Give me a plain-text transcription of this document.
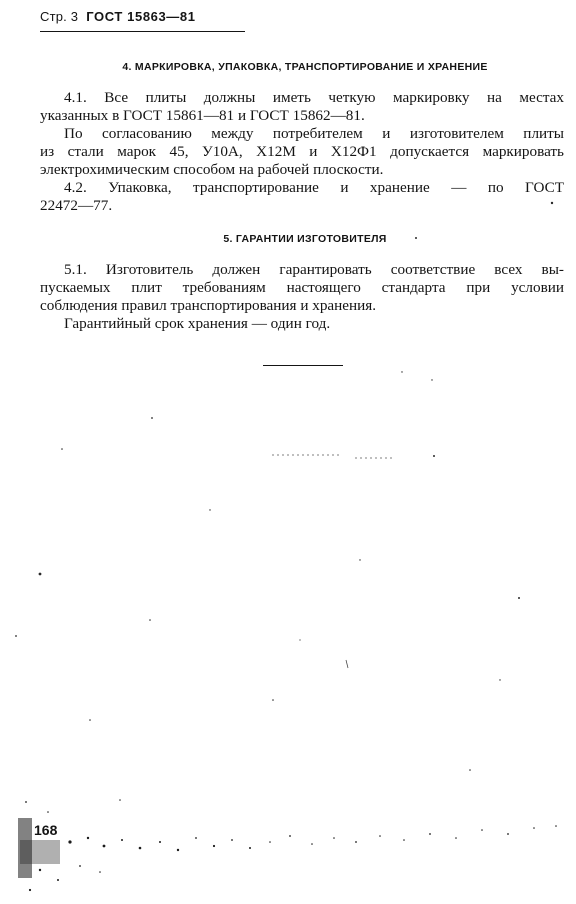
Стр. 3 ГОСТ 15863—81
4. МАРКИРОВКА, УПАКОВКА, ТРАНСПОРТИРОВАНИЕ И ХРАНЕНИЕ
4.1. Все плиты должны иметь четкую маркировку на местах
указанных в ГОСТ 15861—81 и ГОСТ 15862—81.
По согласованию между потребителем и изготовителем плиты
из стали марок 45, У10А, Х12М и Х12Ф1 допускается маркировать
электрохимическим способом на рабочей плоскости.
4.2. Упаковка, транспортирование и хранение — по ГОСТ
22472—77.
5. ГАРАНТИИ ИЗГОТОВИТЕЛЯ
5.1. Изготовитель должен гарантировать соответствие всех вы-
пускаемых плит требованиям настоящего стандарта при условии
соблюдения правил транспортирования и хранения.
Гарантийный срок хранения — один год.
168
